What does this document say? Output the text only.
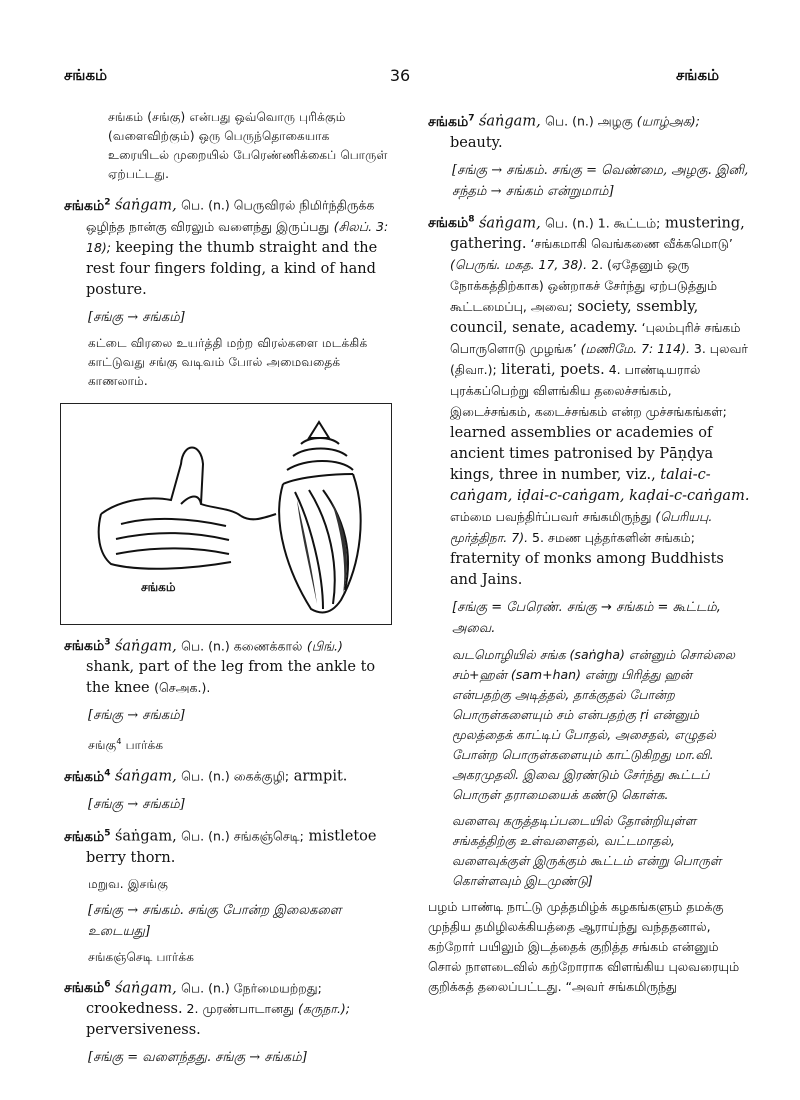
சங்கம்	36	சங்கம்

சங்கம் (சங்கு) என்பது ஒவ்வொரு புரிக்கும் (வளைவிற்கும்) ஒரு பெருந்தொகையாக உரையிடல் முறையில் பேரெண்ணிக்கைப் பொருள் ஏற்பட்டது.

சங்கம்$^2$ śaṅgam, பெ. (n.) பெருவிரல் நிமிர்ந்திருக்க ஒழிந்த நான்கு விரலும் வளைந்து இருப்பது (சிலப். 3: 18); keeping the thumb straight and the rest four fingers folding, a kind of hand posture.

[சங்கு → சங்கம்]

கட்டை விரலை உயர்த்தி மற்ற விரல்களை மடக்கிக் காட்டுவது சங்கு வடிவம் போல் அமைவதைக் காணலாம்.

சங்கம்

சங்கம்$^3$ śaṅgam, பெ. (n.) கணைக்கால் (பிங்.) shank, part of the leg from the ankle to the knee (செஅக.).

[சங்கு → சங்கம்]

சங்கு$^4$ பார்க்க

சங்கம்$^4$ śaṅgam, பெ. (n.) கைக்குழி; armpit.

[சங்கு → சங்கம்]

சங்கம்$^5$ śaṅgam, பெ. (n.) சங்கஞ்செடி; mistletoe berry thorn.

மறுவ. இசங்கு

[சங்கு → சங்கம். சங்கு போன்ற இலைகளை உடையது]

சங்கஞ்செடி பார்க்க

சங்கம்$^6$ śaṅgam, பெ. (n.) நேர்மையற்றது; crookedness. 2. முரண்பாடானது (கருநா.); perversiveness.

[சங்கு = வளைந்தது. சங்கு → சங்கம்]

சங்கம்$^7$ śaṅgam, பெ. (n.) அழகு (யாழ்அக); beauty.

[சங்கு → சங்கம். சங்கு = வெண்மை, அழகு. இனி, சந்தம் → சங்கம் என்றுமாம்]

சங்கம்$^8$ śaṅgam, பெ. (n.) 1. கூட்டம்; mustering, gathering. ‘சங்கமாகி வெங்கணை வீக்கமொடு’ (பெருங். மகத. 17, 38). 2. (ஏதேனும் ஒரு நோக்கத்திற்காக) ஒன்றாகச் சேர்ந்து ஏற்படுத்தும் கூட்டமைப்பு, அவை; society, ssembly, council, senate, academy. ‘புலம்புரிச் சங்கம் பொருளொடு முழங்க’ (மணிமே. 7: 114). 3. புலவர் (திவா.); literati, poets. 4. பாண்டியரால் புரக்கப்பெற்று விளங்கிய தலைச்சங்கம், இடைச்சங்கம், கடைச்சங்கம் என்ற முச்சங்கங்கள்; learned assemblies or academies of ancient times patronised by Pāṇḍya kings, three in number, viz., talai-c-caṅgam, iḍai-c-caṅgam, kaḍai-c-caṅgam. எம்மை பவந்திர்ப்பவர் சங்கமிருந்து (பெரியபு. மூர்த்திநா. 7). 5. சமண புத்தர்களின் சங்கம்; fraternity of monks among Buddhists and Jains.

[சங்கு = பேரெண். சங்கு → சங்கம் = கூட்டம், அவை.

வடமொழியில் சங்க (saṅgha) என்னும் சொல்லை சம்+ஹன் (sam+han) என்று பிரித்து ஹன் என்பதற்கு அடித்தல், தாக்குதல் போன்ற பொருள்களையும் சம் என்பதற்கு ṛi என்னும் மூலத்தைக் காட்டிப் போதல், அசைதல், எழுதல் போன்ற பொருள்களையும் காட்டுகிறது மா.வி. அகரமுதலி. இவை இரண்டும் சேர்ந்து கூட்டப் பொருள் தராமையைக் கண்டு கொள்க.

வளைவு கருத்தடிப்படையில் தோன்றியுள்ள சங்கத்திற்கு உள்வளைதல், வட்டமாதல், வளைவுக்குள் இருக்கும் கூட்டம் என்று பொருள் கொள்ளவும் இடமுண்டு]

பழம் பாண்டி நாட்டு முத்தமிழ்க் கழகங்களும் தமக்கு முந்திய தமிழிலக்கியத்தை ஆராய்ந்து வந்ததனால், கற்றோர் பயிலும் இடத்தைக் குறித்த சங்கம் என்னும் சொல் நாளடைவில் கற்றோராக விளங்கிய புலவரையும் குறிக்கத் தலைப்பட்டது. “அவர் சங்கமிருந்து
